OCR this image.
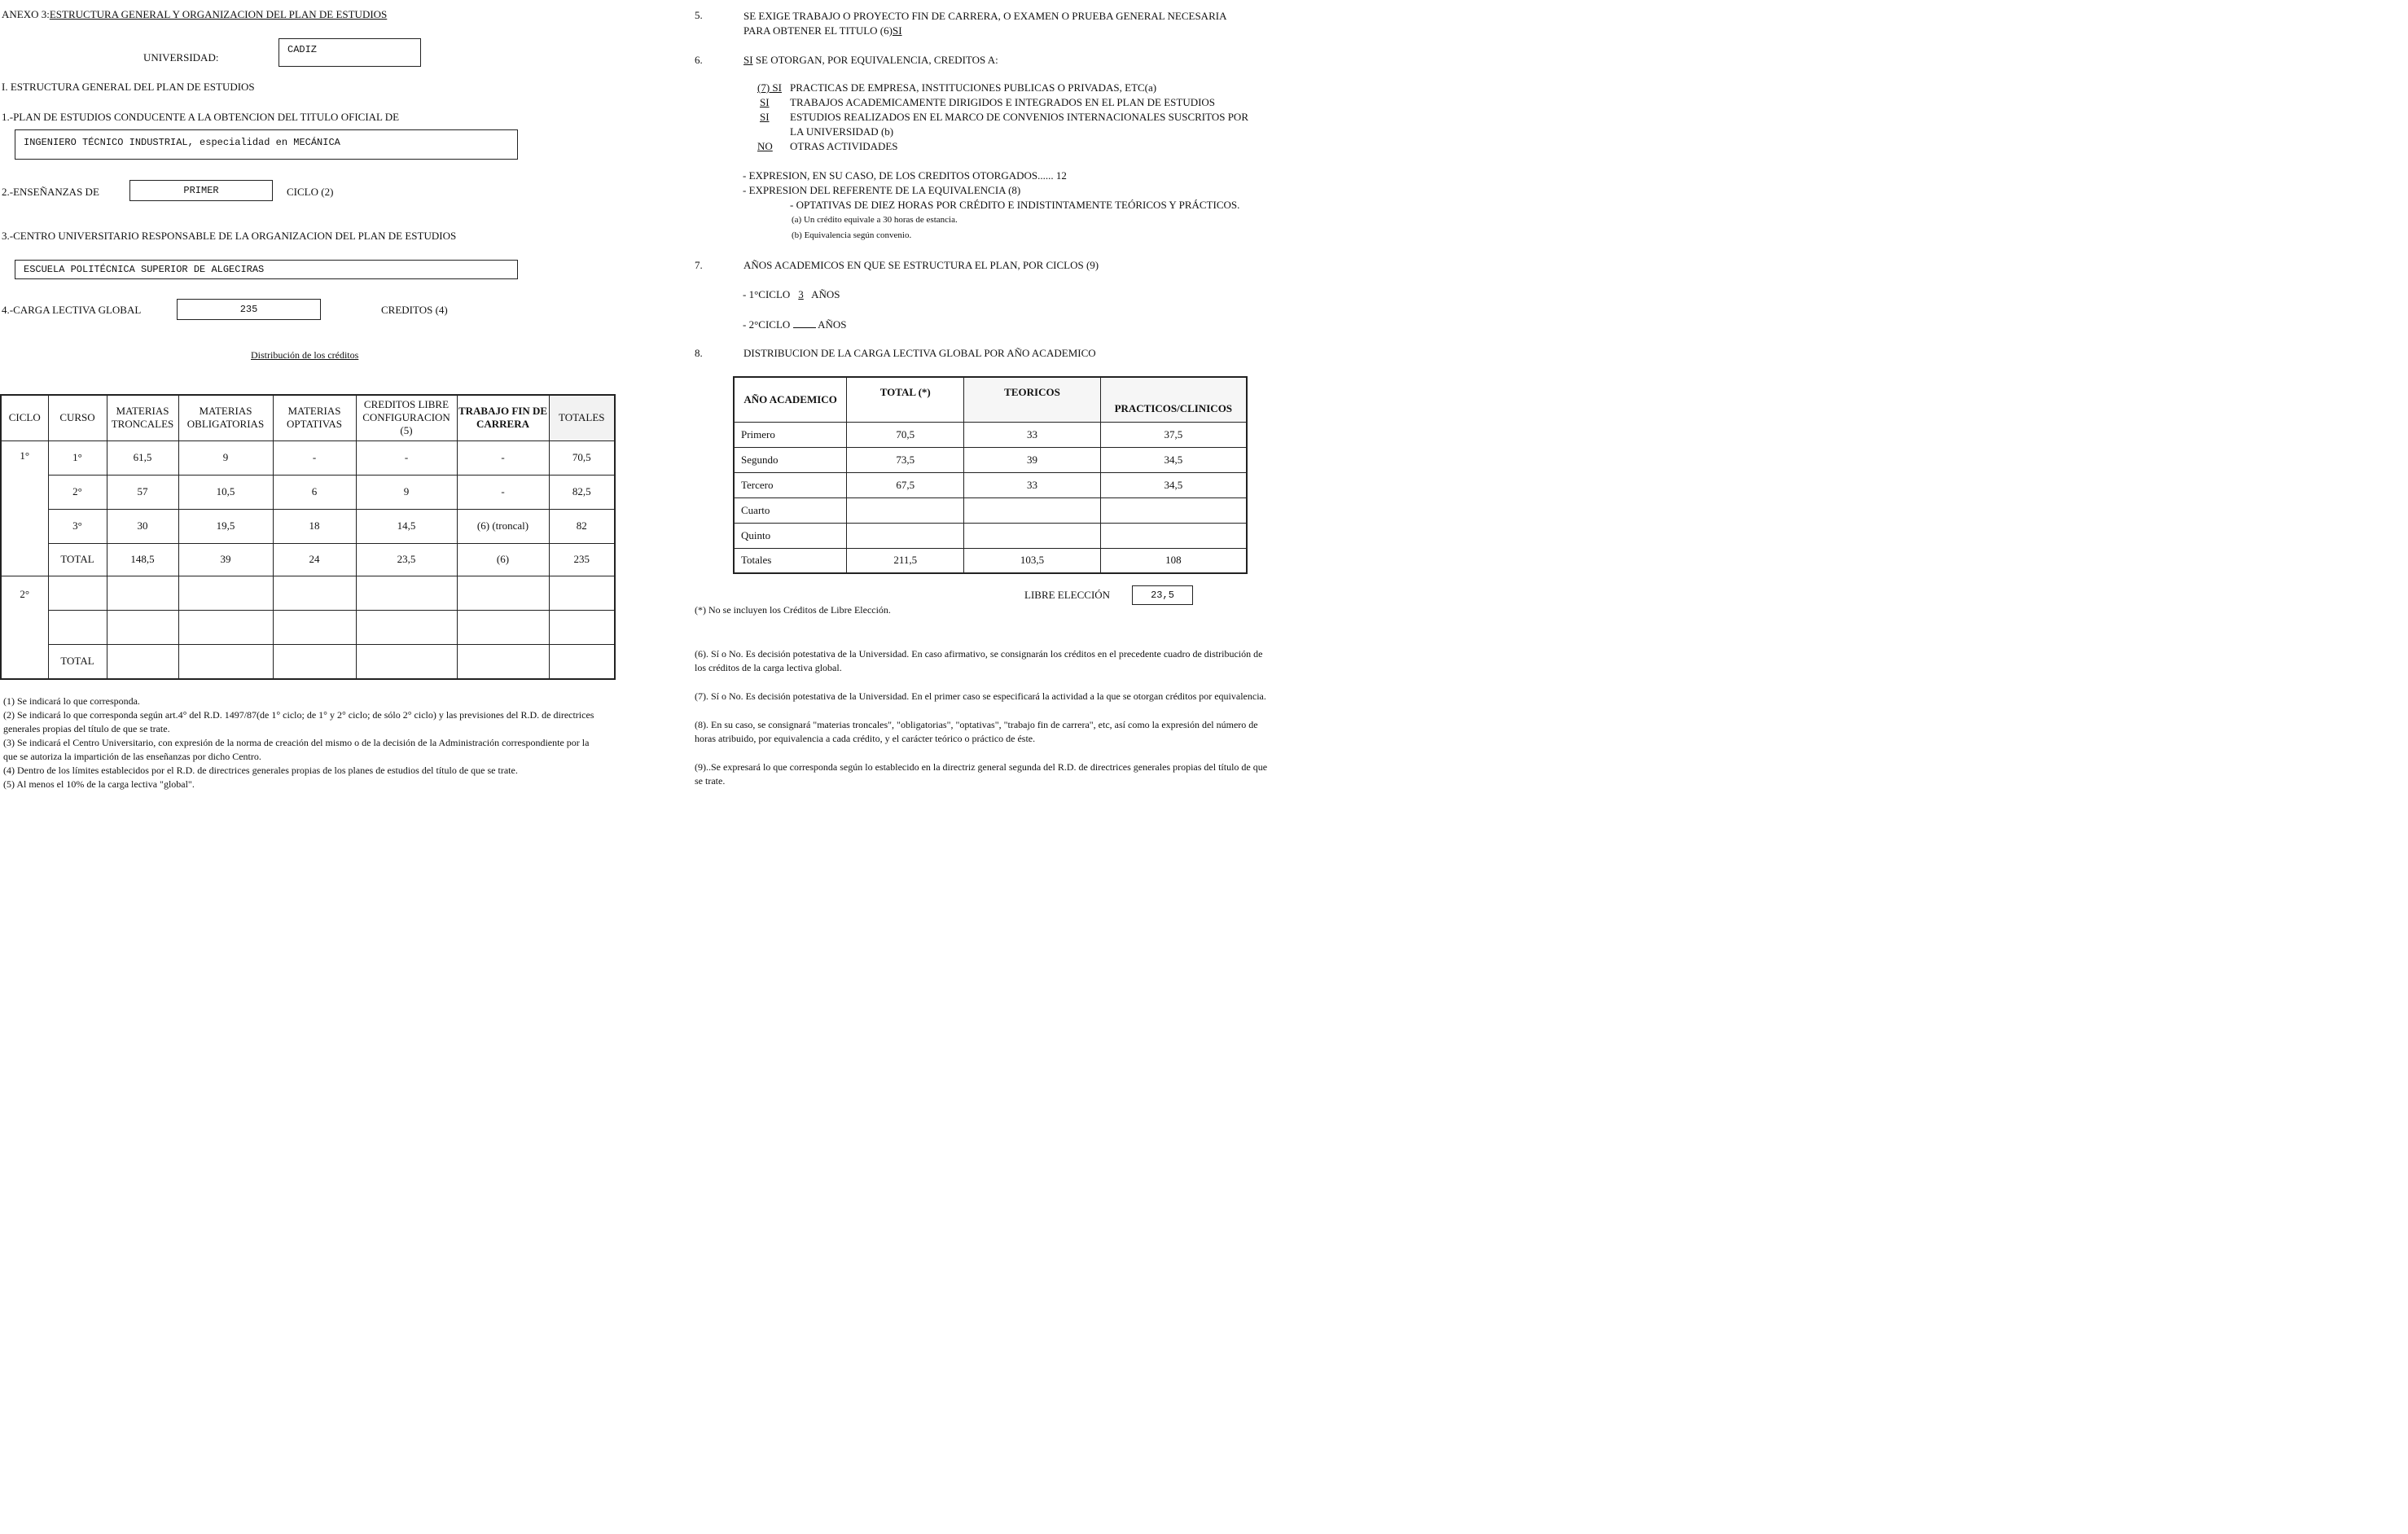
ANEXO 3:ESTRUCTURA GENERAL Y ORGANIZACION DEL PLAN DE ESTUDIOS
UNIVERSIDAD:
CADIZ
I. ESTRUCTURA GENERAL DEL PLAN DE ESTUDIOS
1.-PLAN DE ESTUDIOS CONDUCENTE A LA OBTENCION DEL TITULO OFICIAL DE
INGENIERO TÉCNICO INDUSTRIAL, especialidad en MECÁNICA
2.-ENSEÑANZAS DE	PRIMER	CICLO (2)
3.-CENTRO UNIVERSITARIO RESPONSABLE DE LA ORGANIZACION DEL PLAN DE ESTUDIOS
ESCUELA POLITÉCNICA SUPERIOR DE ALGECIRAS
4.-CARGA LECTIVA GLOBAL	235	CREDITOS (4)
Distribución de los créditos
CICLO	CURSO	MATERIAS TRONCALES	MATERIAS OBLIGATORIAS	MATERIAS OPTATIVAS	CREDITOS LIBRE CONFIGURACION (5)	TRABAJO FIN DE CARRERA	TOTALES
1°	1°	61,5	9	-	-	-	70,5
	2°	57	10,5	6	9	-	82,5
	3°	30	19,5	18	14,5	(6) (troncal)	82
	TOTAL	148,5	39	24	23,5	(6)	235
2°							

	TOTAL						
(1) Se indicará lo que corresponda.
(2) Se indicará lo que corresponda según art.4° del R.D. 1497/87(de 1° ciclo; de 1° y 2° ciclo; de sólo 2° ciclo) y las previsiones del R.D. de directrices generales propias del título de que se trate.
(3) Se indicará el Centro Universitario, con expresión de la norma de creación del mismo o de la decisión de la Administración correspondiente por la que se autoriza la impartición de las enseñanzas por dicho Centro.
(4) Dentro de los límites establecidos por el R.D. de directrices generales propias de los planes de estudios del título de que se trate.
(5) Al menos el 10% de la carga lectiva "global".
5.	SE EXIGE TRABAJO O PROYECTO FIN DE CARRERA, O EXAMEN O PRUEBA GENERAL NECESARIA
PARA OBTENER EL TITULO (6)SI
6.	SI SE OTORGAN, POR EQUIVALENCIA, CREDITOS A:
(7) SI PRACTICAS DE EMPRESA, INSTITUCIONES PUBLICAS O PRIVADAS, ETC(a)
SI TRABAJOS ACADEMICAMENTE DIRIGIDOS E INTEGRADOS EN EL PLAN DE ESTUDIOS
SI ESTUDIOS REALIZADOS EN EL MARCO DE CONVENIOS INTERNACIONALES SUSCRITOS POR
LA UNIVERSIDAD (b)
NO OTRAS ACTIVIDADES
- EXPRESION, EN SU CASO, DE LOS CREDITOS OTORGADOS...... 12
- EXPRESION DEL REFERENTE DE LA EQUIVALENCIA (8)
- OPTATIVAS DE DIEZ HORAS POR CRÉDITO E INDISTINTAMENTE TEÓRICOS Y PRÁCTICOS.
(a) Un crédito equivale a 30 horas de estancia.
(b) Equivalencia según convenio.
7.	AÑOS ACADEMICOS EN QUE SE ESTRUCTURA EL PLAN, POR CICLOS (9)
- 1°CICLO 3 AÑOS
- 2°CICLO	AÑOS
8.	DISTRIBUCION DE LA CARGA LECTIVA GLOBAL POR AÑO ACADEMICO
AÑO ACADEMICO	TOTAL (*)	TEORICOS	PRACTICOS/CLINICOS
Primero	70,5	33	37,5
Segundo	73,5	39	34,5
Tercero	67,5	33	34,5
Cuarto			
Quinto			
Totales	211,5	103,5	108
LIBRE ELECCIÓN	23,5
(*) No se incluyen los Créditos de Libre Elección.
(6). Sí o No. Es decisión potestativa de la Universidad. En caso afirmativo, se consignarán los créditos en el precedente cuadro de distribución de los créditos de la carga lectiva global.
(7). Sí o No. Es decisión potestativa de la Universidad. En el primer caso se especificará la actividad a la que se otorgan créditos por equivalencia.
(8). En su caso, se consignará "materias troncales", "obligatorias", "optativas", "trabajo fin de carrera", etc, así como la expresión del número de horas atribuido, por equivalencia a cada crédito, y el carácter teórico o práctico de éste.
(9)..Se expresará lo que corresponda según lo establecido en la directriz general segunda del R.D. de directrices generales propias del título de que se trate.
